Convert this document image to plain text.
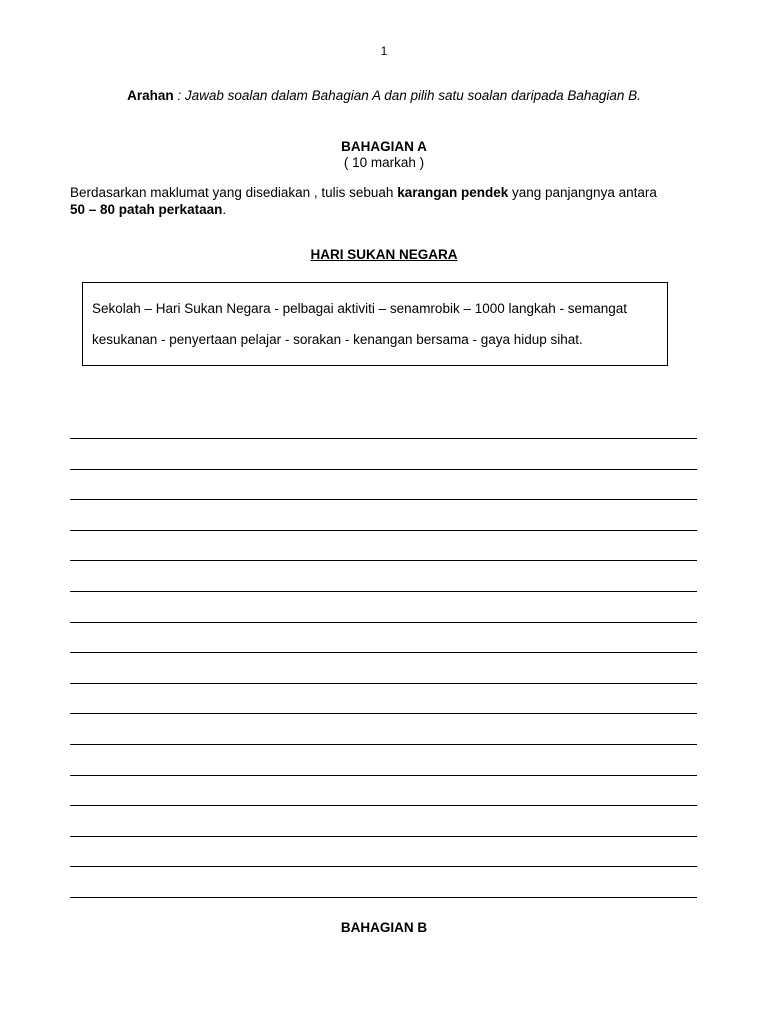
1
Arahan : Jawab soalan dalam Bahagian A dan pilih satu soalan daripada Bahagian B.
BAHAGIAN A
( 10 markah )
Berdasarkan maklumat yang disediakan , tulis sebuah karangan pendek yang panjangnya antara
50 – 80 patah perkataan.
HARI SUKAN NEGARA
Sekolah – Hari Sukan Negara - pelbagai aktiviti – senamrobik – 1000 langkah - semangat
kesukanan - penyertaan pelajar - sorakan - kenangan bersama - gaya hidup sihat.
BAHAGIAN B
